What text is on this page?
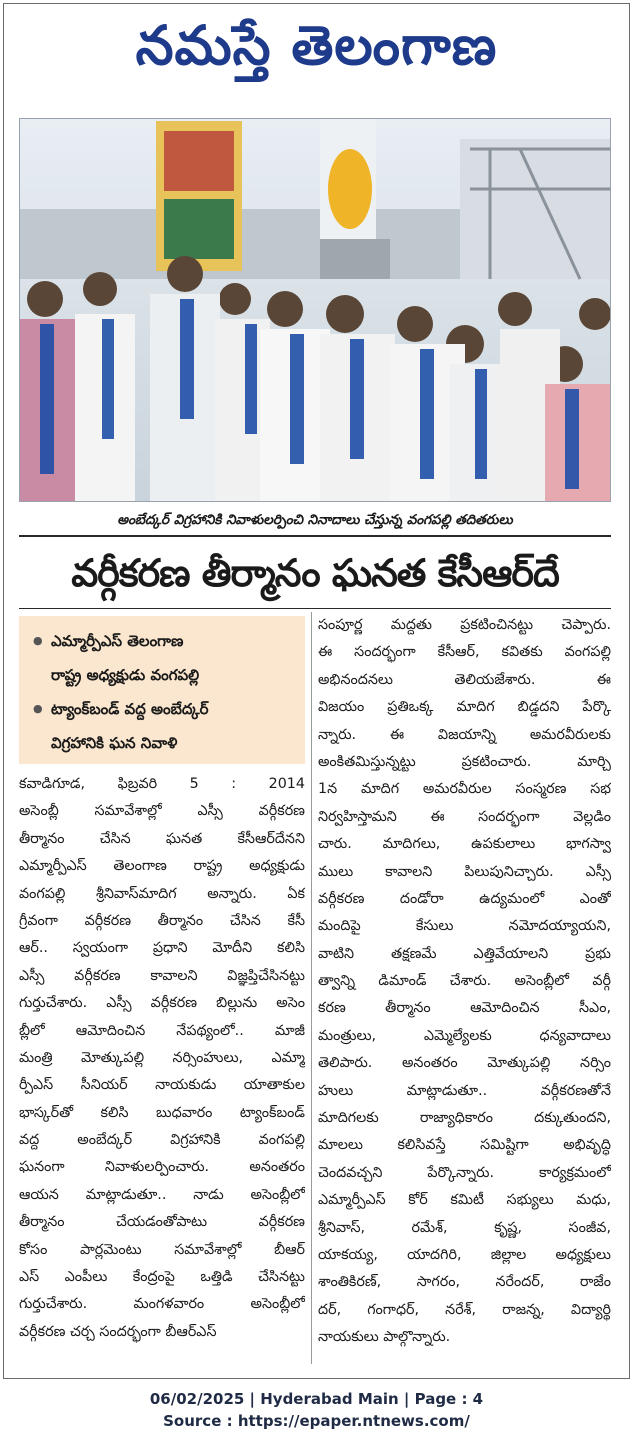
నమస్తే తెలంగాణ
అంబేద్కర్ విగ్రహానికి నివాళులర్పించి నినాదాలు చేస్తున్న వంగపల్లి తదితరులు
వర్గీకరణ తీర్మానం ఘనత కేసీఆర్‌దే
● ఎమ్మార్పీఎస్ తెలంగాణ
రాష్ట్ర అధ్యక్షుడు వంగపల్లి
● ట్యాంక్‌బండ్ వద్ద అంబేద్కర్
విగ్రహానికి ఘన నివాళి
కవాడిగూడ, ఫిబ్రవరి 5 : 2014
అసెంబ్లీ సమావేశాల్లో ఎస్సీ వర్గీకరణ
తీర్మానం చేసిన ఘనత కేసీఆర్‌దేనని
ఎమ్మార్పీఎస్ తెలంగాణ రాష్ట్ర అధ్యక్షుడు
వంగపల్లి శ్రీనివాస్‌మాదిగ అన్నారు. ఏక
గ్రీవంగా వర్గీకరణ తీర్మానం చేసిన కేసీ
ఆర్.. స్వయంగా ప్రధాని మోదీని కలిసి
ఎస్సీ వర్గీకరణ కావాలని విజ్ఞప్తిచేసినట్టు
గుర్తుచేశారు. ఎస్సీ వర్గీకరణ బిల్లును అసెం
బ్లీలో ఆమోదించిన నేపథ్యంలో.. మాజీ
మంత్రి మోత్కుపల్లి నర్సింహులు, ఎమ్మా
ర్పీఎస్ సీనియర్ నాయకుడు యాతాకుల
భాస్కర్‌తో కలిసి బుధవారం ట్యాంక్‌బండ్
వద్ద అంబేద్కర్ విగ్రహానికి వంగపల్లి
ఘనంగా నివాళులర్పించారు. అనంతరం
ఆయన మాట్లాడుతూ.. నాడు అసెంబ్లీలో
తీర్మానం చేయడంతోపాటు వర్గీకరణ
కోసం పార్లమెంటు సమావేశాల్లో బీఆర్
ఎస్ ఎంపీలు కేంద్రంపై ఒత్తిడి చేసినట్టు
గుర్తుచేశారు. మంగళవారం అసెంబ్లీలో
వర్గీకరణ చర్చ సందర్భంగా బీఆర్‌ఎస్
సంపూర్ణ మద్దతు ప్రకటించినట్టు చెప్పారు.
ఈ సందర్భంగా కేసీఆర్, కవితకు వంగపల్లి
అభినందనలు తెలియజేశారు. ఈ
విజయం ప్రతిఒక్క మాదిగ బిడ్డదని పేర్కొ
న్నారు. ఈ విజయాన్ని అమరవీరులకు
అంకితమిస్తున్నట్టు ప్రకటించారు. మార్చి
1న మాదిగ అమరవీరుల సంస్మరణ సభ
నిర్వహిస్తామని ఈ సందర్భంగా వెల్లడిం
చారు. మాదిగలు, ఉపకులాలు భాగస్వా
ములు కావాలని పిలుపునిచ్చారు. ఎస్సీ
వర్గీకరణ దండోరా ఉద్యమంలో ఎంతో
మందిపై కేసులు నమోదయ్యాయని,
వాటిని తక్షణమే ఎత్తివేయాలని ప్రభు
త్వాన్ని డిమాండ్ చేశారు. అసెంబ్లీలో వర్గీ
కరణ తీర్మానం ఆమోదించిన సీఎం,
మంత్రులు, ఎమ్మెల్యేలకు ధన్యవాదాలు
తెలిపారు. అనంతరం మోత్కుపల్లి నర్సిం
హులు మాట్లాడుతూ.. వర్గీకరణతోనే
మాదిగలకు రాజ్యాధికారం దక్కుతుందని,
మాలలు కలిసివస్తే సమిష్టిగా అభివృద్ధి
చెందవచ్చని పేర్కొన్నారు. కార్యక్రమంలో
ఎమ్మార్పీఎస్ కోర్ కమిటీ సభ్యులు మధు,
శ్రీనివాస్, రమేశ్, కృష్ణ, సంజీవ,
యాకయ్య, యాదగిరి, జిల్లాల అధ్యక్షులు
శాంతికిరణ్, సాగరం, నరేందర్, రాజేం
దర్, గంగాధర్, నరేశ్, రాజన్న, విద్యార్థి
నాయకులు పాల్గొన్నారు.
06/02/2025 | Hyderabad Main | Page : 4
Source : https://epaper.ntnews.com/
